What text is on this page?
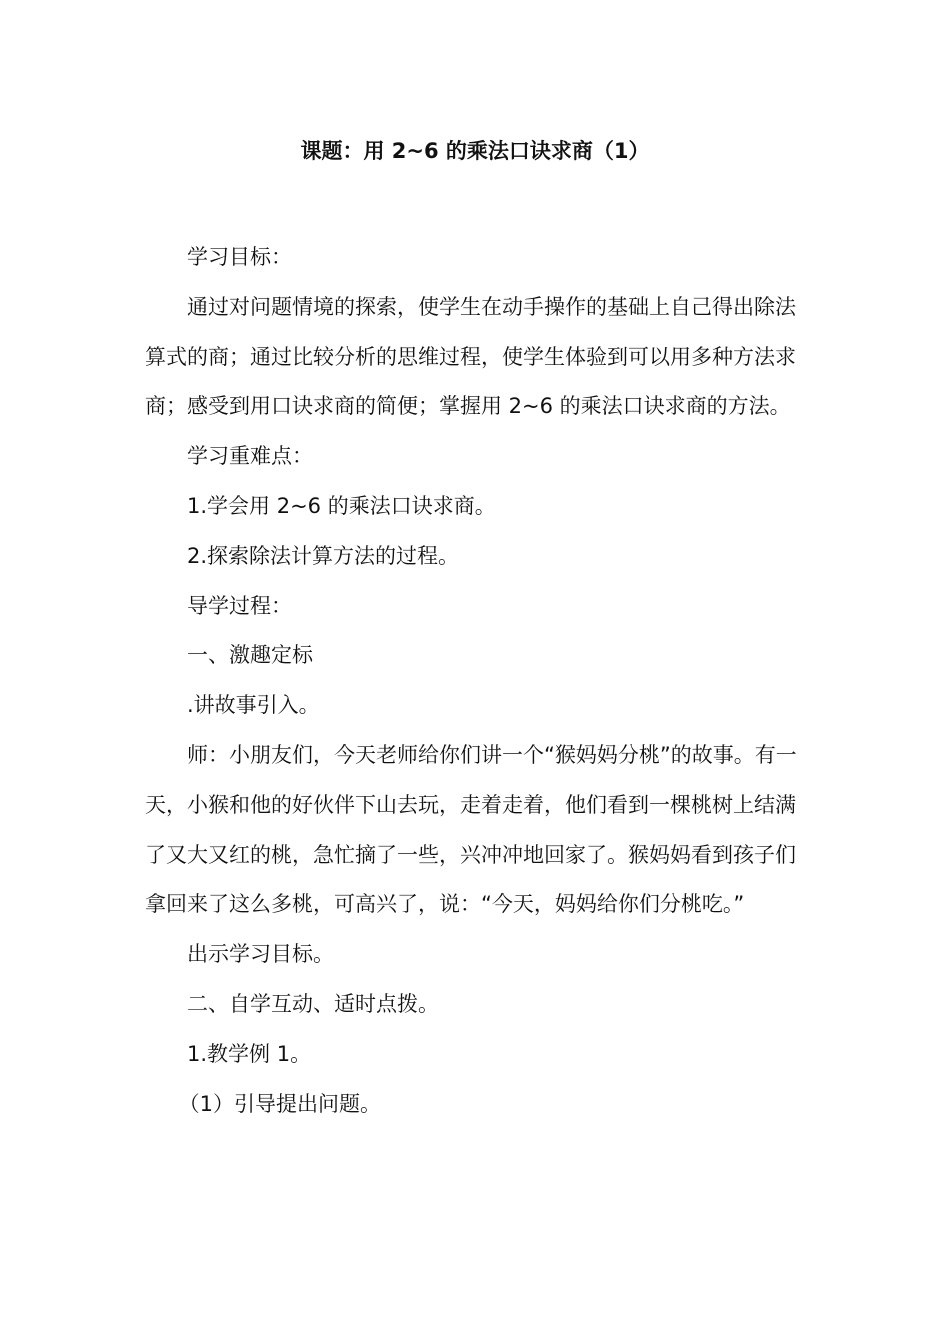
课题：用 2~6 的乘法口诀求商（1）

学习目标：

通过对问题情境的探索，使学生在动手操作的基础上自己得出除法算式的商；通过比较分析的思维过程，使学生体验到可以用多种方法求商；感受到用口诀求商的简便；掌握用 2~6 的乘法口诀求商的方法。

学习重难点：

1.学会用 2~6 的乘法口诀求商。

2.探索除法计算方法的过程。

导学过程：

一、激趣定标

.讲故事引入。

师：小朋友们，今天老师给你们讲一个“猴妈妈分桃”的故事。有一天，小猴和他的好伙伴下山去玩，走着走着，他们看到一棵桃树上结满了又大又红的桃，急忙摘了一些，兴冲冲地回家了。猴妈妈看到孩子们拿回来了这么多桃，可高兴了，说：“今天，妈妈给你们分桃吃。”

出示学习目标。

二、自学互动、适时点拨。

1.教学例 1。

（1）引导提出问题。
